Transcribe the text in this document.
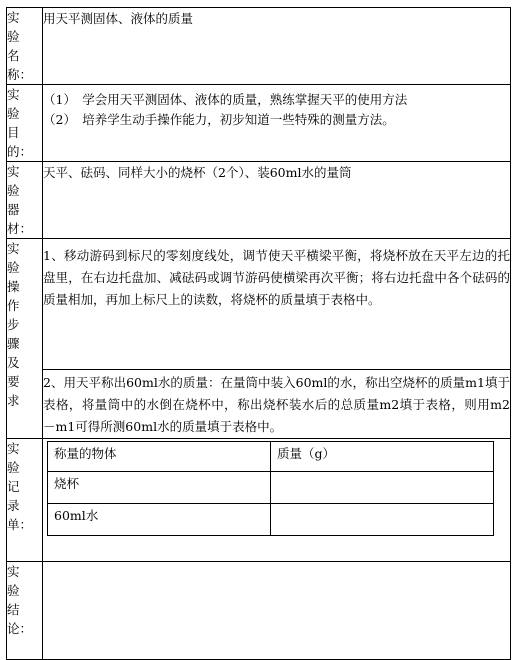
实验名称：
	用天平测固体、液体的质量

实验目的：

（1）　学会用天平测固体、液体的质量，熟练掌握天平的使用方法
（2）　培养学生动手操作能力，初步知道一些特殊的测量方法。

实验器材：
	天平、砝码、同样大小的烧杯（2个）、装60ml水的量筒

实验操作步骤及要求
	1、移动游码到标尺的零刻度线处，调节使天平横梁平衡，将烧杯放在天平左边的托盘里，在右边托盘加、减砝码或调节游码使横梁再次平衡；将右边托盘中各个砝码的质量相加，再加上标尺上的读数，将烧杯的质量填于表格中。
2、用天平称出60ml水的质量：在量筒中装入60ml的水，称出空烧杯的质量m1填于表格，将量筒中的水倒在烧杯中，称出烧杯装水后的总质量m2填于表格，则用m2 －m1可得所测60ml水的质量填于表格中。

实验记录单：

称量的物体	质量（g）
烧杯	
60ml水	

实验结论：
